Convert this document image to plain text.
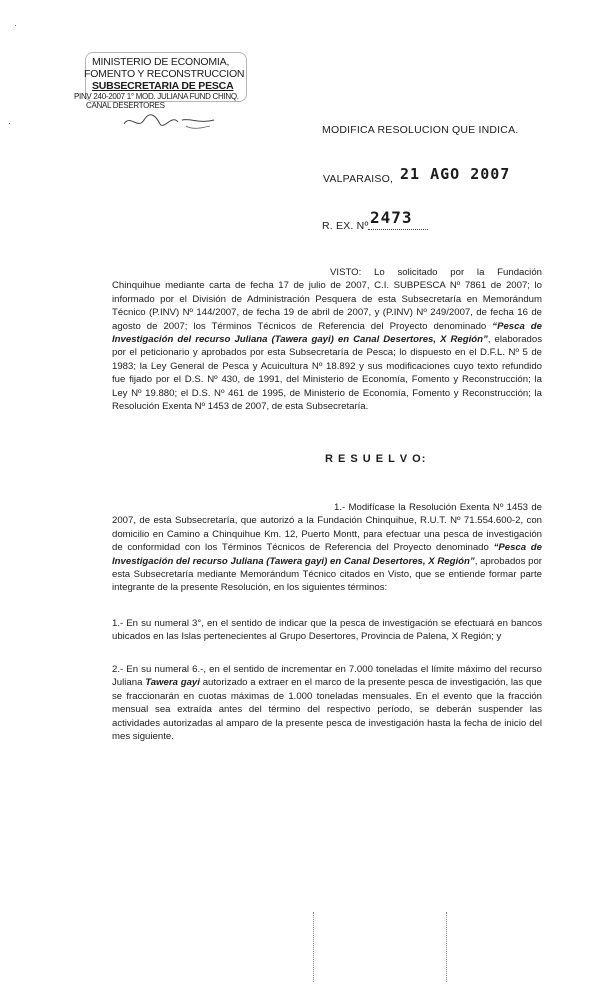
·
·
MINISTERIO DE ECONOMIA,
FOMENTO Y RECONSTRUCCION
SUBSECRETARIA DE PESCA
PINV 240-2007 1° MOD. JULIANA FUND CHINQ.
CANAL DESERTORES
MODIFICA RESOLUCION QUE INDICA.
VALPARAISO, 21 AGO 2007
R. EX. Nº 2473
VISTO: Lo solicitado por la Fundación Chinquihue mediante carta de fecha 17 de julio de 2007, C.I. SUBPESCA Nº 7861 de 2007; lo informado por el División de Administración Pesquera de esta Subsecretaría en Memorándum Técnico (P.INV) Nº 144/2007, de fecha 19 de abril de 2007, y (P.INV) Nº 249/2007, de fecha 16 de agosto de 2007; los Términos Técnicos de Referencia del Proyecto denominado “Pesca de Investigación del recurso Juliana (Tawera gayi) en Canal Desertores, X Región”, elaborados por el peticionario y aprobados por esta Subsecretaría de Pesca; lo dispuesto en el D.F.L. Nº 5 de 1983; la Ley General de Pesca y Acuicultura Nº 18.892 y sus modificaciones cuyo texto refundido fue fijado por el D.S. Nº 430, de 1991, del Ministerio de Economía, Fomento y Reconstrucción; la Ley Nº 19.880; el D.S. Nº 461 de 1995, de Ministerio de Economía, Fomento y Reconstrucción; la Resolución Exenta Nº 1453 de 2007, de esta Subsecretaría.
R E S U E L V O:
1.- Modifícase la Resolución Exenta Nº 1453 de 2007, de esta Subsecretaría, que autorizó a la Fundación Chinquihue, R.U.T. Nº 71.554.600-2, con domicilio en Camino a Chinquihue Km. 12, Puerto Montt, para efectuar una pesca de investigación de conformidad con los Términos Técnicos de Referencia del Proyecto denominado “Pesca de Investigación del recurso Juliana (Tawera gayi) en Canal Desertores, X Región”, aprobados por esta Subsecretaría mediante Memorándum Técnico citados en Visto, que se entiende formar parte integrante de la presente Resolución, en los siguientes términos:
1.- En su numeral 3°, en el sentido de indicar que la pesca de investigación se efectuará en bancos ubicados en las Islas pertenecientes al Grupo Desertores, Provincia de Palena, X Región; y
2.- En su numeral 6.-, en el sentido de incrementar en 7.000 toneladas el límite máximo del recurso Juliana Tawera gayi autorizado a extraer en el marco de la presente pesca de investigación, las que se fraccionarán en cuotas máximas de 1.000 toneladas mensuales. En el evento que la fracción mensual sea extraída antes del término del respectivo período, se deberán suspender las actividades autorizadas al amparo de la presente pesca de investigación hasta la fecha de inicio del mes siguiente.
